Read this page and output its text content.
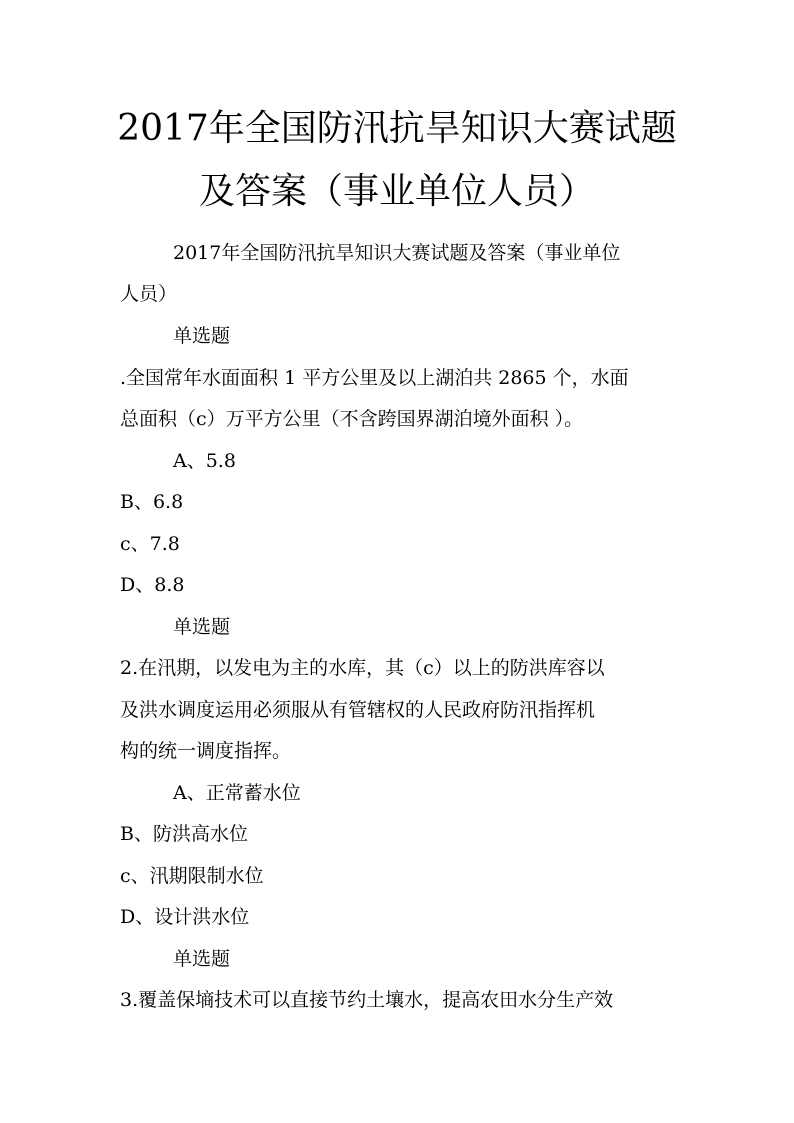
2017年全国防汛抗旱知识大赛试题
及答案（事业单位人员）

2017年全国防汛抗旱知识大赛试题及答案（事业单位

人员）

单选题

.全国常年水面面积 1 平方公里及以上湖泊共 2865 个，水面

总面积（c）万平方公里（不含跨国界湖泊境外面积 ）。

A、5.8

B、6.8

c、7.8

D、8.8

单选题

2.在汛期，以发电为主的水库，其（c）以上的防洪库容以

及洪水调度运用必须服从有管辖权的人民政府防汛指挥机

构的统一调度指挥。

A、正常蓄水位

B、防洪高水位

c、汛期限制水位

D、设计洪水位

单选题

3.覆盖保墒技术可以直接节约土壤水，提高农田水分生产效
